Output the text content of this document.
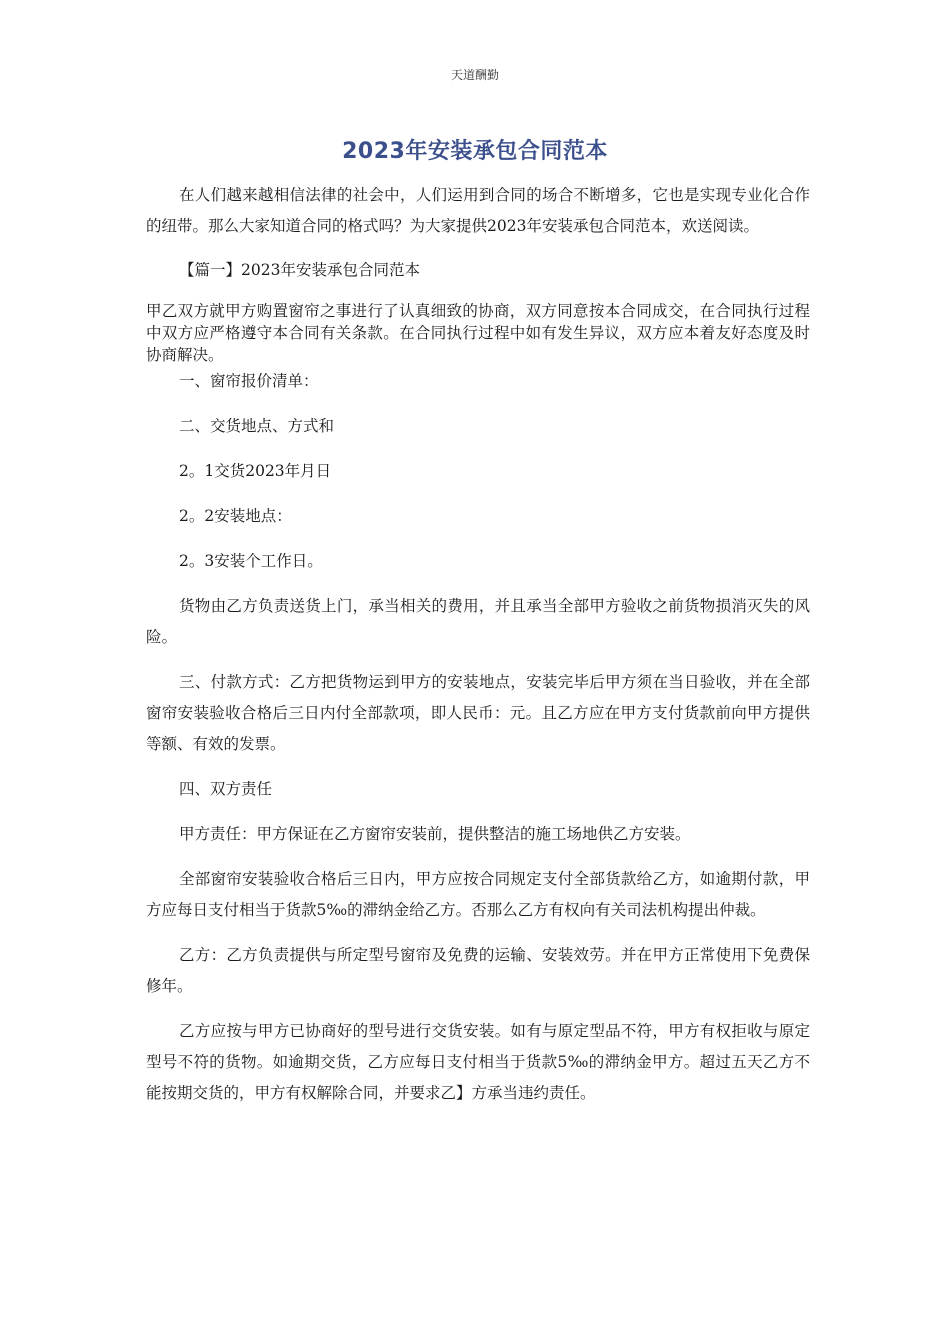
天道酬勤
2023年安装承包合同范本

在人们越来越相信法律的社会中，人们运用到合同的场合不断增多，它也是实现专业化合作的纽带。那么大家知道合同的格式吗？为大家提供2023年安装承包合同范本，欢送阅读。

【篇一】2023年安装承包合同范本

甲乙双方就甲方购置窗帘之事进行了认真细致的协商，双方同意按本合同成交，在合同执行过程中双方应严格遵守本合同有关条款。在合同执行过程中如有发生异议，双方应本着友好态度及时协商解决。

一、窗帘报价清单：

二、交货地点、方式和

2。1交货2023年月日

2。2安装地点：

2。3安装个工作日。

货物由乙方负责送货上门，承当相关的费用，并且承当全部甲方验收之前货物损消灭失的风险。

三、付款方式：乙方把货物运到甲方的安装地点，安装完毕后甲方须在当日验收，并在全部窗帘安装验收合格后三日内付全部款项，即人民币：元。且乙方应在甲方支付货款前向甲方提供等额、有效的发票。

四、双方责任

甲方责任：甲方保证在乙方窗帘安装前，提供整洁的施工场地供乙方安装。

全部窗帘安装验收合格后三日内，甲方应按合同规定支付全部货款给乙方，如逾期付款，甲方应每日支付相当于货款5‰的滞纳金给乙方。否那么乙方有权向有关司法机构提出仲裁。

乙方：乙方负责提供与所定型号窗帘及免费的运输、安装效劳。并在甲方正常使用下免费保修年。

乙方应按与甲方已协商好的型号进行交货安装。如有与原定型品不符，甲方有权拒收与原定型号不符的货物。如逾期交货，乙方应每日支付相当于货款5‰的滞纳金甲方。超过五天乙方不能按期交货的，甲方有权解除合同，并要求乙】方承当违约责任。
